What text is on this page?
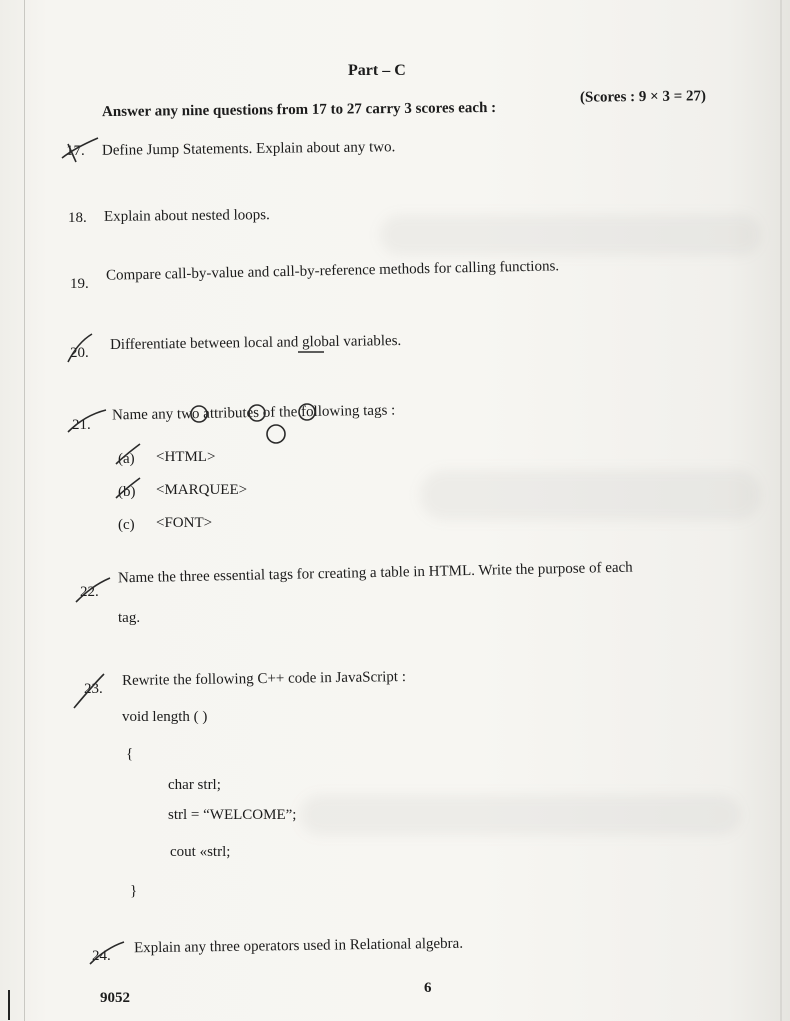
Part – C
Answer any nine questions from 17 to 27 carry 3 scores each :
(Scores : 9 × 3 = 27)
17. Define Jump Statements. Explain about any two.
18. Explain about nested loops.
19.
Compare call-by-value and call-by-reference methods for calling functions.
20. Differentiate between local and global variables.
21.
Name any two attributes of the following tags :
(a) <HTML>
(b) <MARQUEE>
(c) <FONT>
22.
Name the three essential tags for creating a table in HTML. Write the purpose of each
tag.
23.
Rewrite the following C++ code in JavaScript :
void length ( )
{
char strl;
strl = “WELCOME”;
cout «strl;
}
24. Explain any three operators used in Relational algebra.
9052
6
